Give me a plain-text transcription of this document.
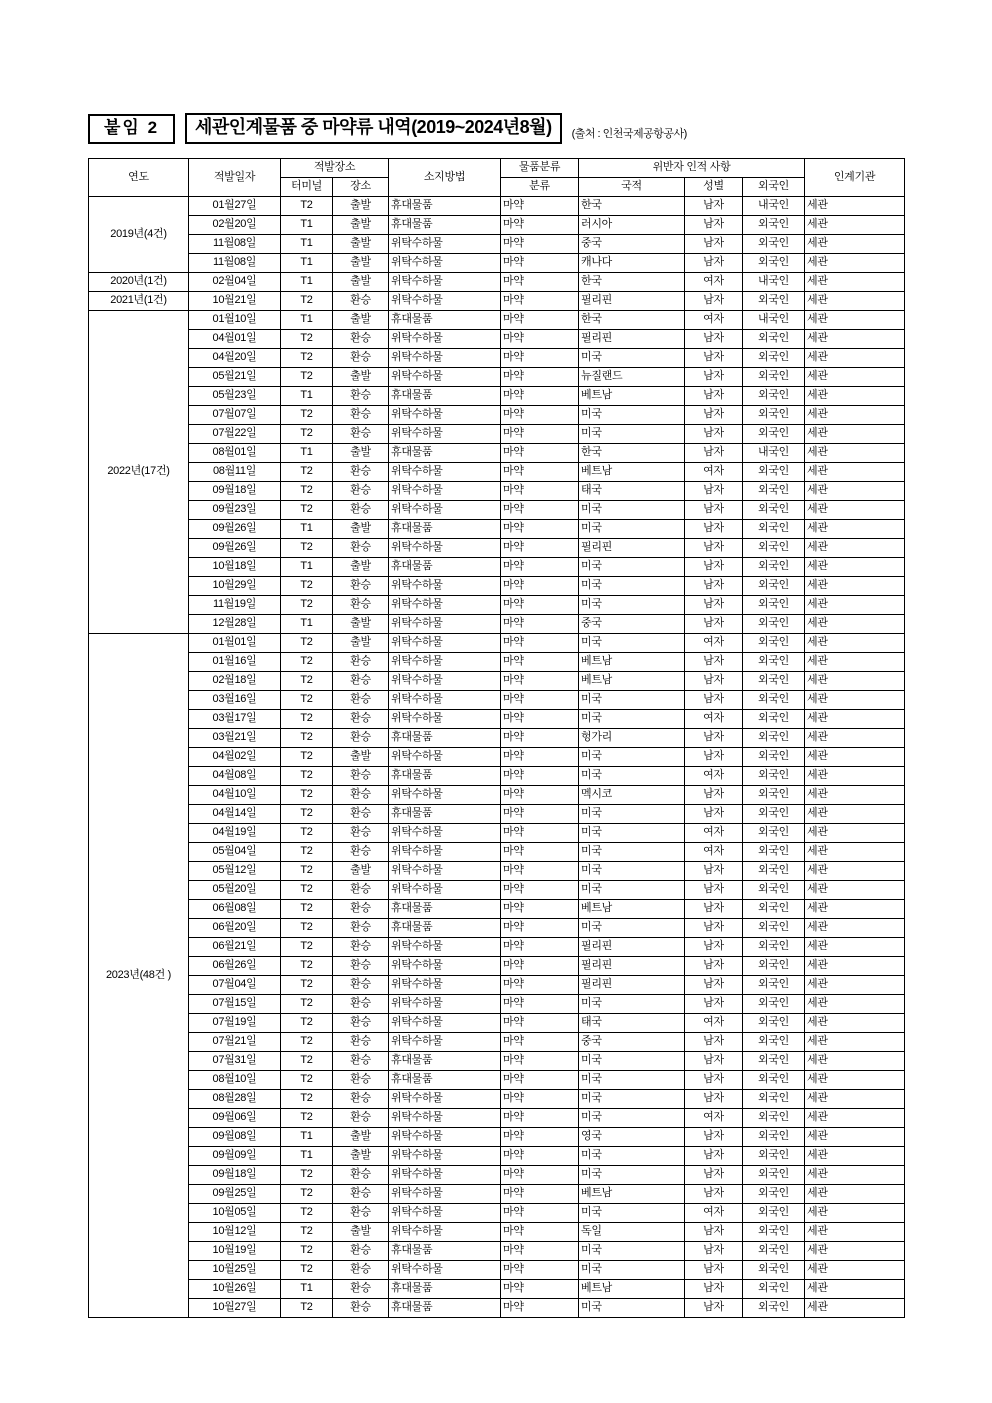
붙임 2	세관인계물품 중 마약류 내역(2019~2024년8월)	(출처 : 인천국제공항공사)
연도	적발일자	적발장소		소지방법	물품분류	위반자 인적 사항			인계기관
		터미널	장소		분류	국적	성별	외국인	
2019년(4건)	01월27일	T2	출발	휴대물품	마약	한국	남자	내국인	세관
	02월20일	T1	출발	휴대물품	마약	러시아	남자	외국인	세관
	11월08일	T1	출발	위탁수하물	마약	중국	남자	외국인	세관
	11월08일	T1	출발	위탁수하물	마약	캐나다	남자	외국인	세관
2020년(1건)	02월04일	T1	출발	위탁수하물	마약	한국	여자	내국인	세관
2021년(1건)	10월21일	T2	환승	위탁수하물	마약	필리핀	남자	외국인	세관
2022년(17건)	01월10일	T1	출발	휴대물품	마약	한국	여자	내국인	세관
	04월01일	T2	환승	위탁수하물	마약	필리핀	남자	외국인	세관
	04월20일	T2	환승	위탁수하물	마약	미국	남자	외국인	세관
	05월21일	T2	출발	위탁수하물	마약	뉴질랜드	남자	외국인	세관
	05월23일	T1	환승	휴대물품	마약	베트남	남자	외국인	세관
	07월07일	T2	환승	위탁수하물	마약	미국	남자	외국인	세관
	07월22일	T2	환승	위탁수하물	마약	미국	남자	외국인	세관
	08월01일	T1	출발	휴대물품	마약	한국	남자	내국인	세관
	08월11일	T2	환승	위탁수하물	마약	베트남	여자	외국인	세관
	09월18일	T2	환승	위탁수하물	마약	태국	남자	외국인	세관
	09월23일	T2	환승	위탁수하물	마약	미국	남자	외국인	세관
	09월26일	T1	출발	휴대물품	마약	미국	남자	외국인	세관
	09월26일	T2	환승	위탁수하물	마약	필리핀	남자	외국인	세관
	10월18일	T1	출발	휴대물품	마약	미국	남자	외국인	세관
	10월29일	T2	환승	위탁수하물	마약	미국	남자	외국인	세관
	11월19일	T2	환승	위탁수하물	마약	미국	남자	외국인	세관
	12월28일	T1	출발	위탁수하물	마약	중국	남자	외국인	세관
2023년(48건 )	01월01일	T2	출발	위탁수하물	마약	미국	여자	외국인	세관
	01월16일	T2	환승	위탁수하물	마약	베트남	남자	외국인	세관
	02월18일	T2	환승	위탁수하물	마약	베트남	남자	외국인	세관
	03월16일	T2	환승	위탁수하물	마약	미국	남자	외국인	세관
	03월17일	T2	환승	위탁수하물	마약	미국	여자	외국인	세관
	03월21일	T2	환승	휴대물품	마약	헝가리	남자	외국인	세관
	04월02일	T2	출발	위탁수하물	마약	미국	남자	외국인	세관
	04월08일	T2	환승	휴대물품	마약	미국	여자	외국인	세관
	04월10일	T2	환승	위탁수하물	마약	멕시코	남자	외국인	세관
	04월14일	T2	환승	휴대물품	마약	미국	남자	외국인	세관
	04월19일	T2	환승	위탁수하물	마약	미국	여자	외국인	세관
	05월04일	T2	환승	위탁수하물	마약	미국	여자	외국인	세관
	05월12일	T2	출발	위탁수하물	마약	미국	남자	외국인	세관
	05월20일	T2	환승	위탁수하물	마약	미국	남자	외국인	세관
	06월08일	T2	환승	휴대물품	마약	베트남	남자	외국인	세관
	06월20일	T2	환승	휴대물품	마약	미국	남자	외국인	세관
	06월21일	T2	환승	위탁수하물	마약	필리핀	남자	외국인	세관
	06월26일	T2	환승	위탁수하물	마약	필리핀	남자	외국인	세관
	07월04일	T2	환승	위탁수하물	마약	필리핀	남자	외국인	세관
	07월15일	T2	환승	위탁수하물	마약	미국	남자	외국인	세관
	07월19일	T2	환승	위탁수하물	마약	태국	여자	외국인	세관
	07월21일	T2	환승	위탁수하물	마약	중국	남자	외국인	세관
	07월31일	T2	환승	휴대물품	마약	미국	남자	외국인	세관
	08월10일	T2	환승	휴대물품	마약	미국	남자	외국인	세관
	08월28일	T2	환승	위탁수하물	마약	미국	남자	외국인	세관
	09월06일	T2	환승	위탁수하물	마약	미국	여자	외국인	세관
	09월08일	T1	출발	위탁수하물	마약	영국	남자	외국인	세관
	09월09일	T1	출발	위탁수하물	마약	미국	남자	외국인	세관
	09월18일	T2	환승	위탁수하물	마약	미국	남자	외국인	세관
	09월25일	T2	환승	위탁수하물	마약	베트남	남자	외국인	세관
	10월05일	T2	환승	위탁수하물	마약	미국	여자	외국인	세관
	10월12일	T2	출발	위탁수하물	마약	독일	남자	외국인	세관
	10월19일	T2	환승	휴대물품	마약	미국	남자	외국인	세관
	10월25일	T2	환승	위탁수하물	마약	미국	남자	외국인	세관
	10월26일	T1	환승	휴대물품	마약	베트남	남자	외국인	세관
	10월27일	T2	환승	휴대물품	마약	미국	남자	외국인	세관
